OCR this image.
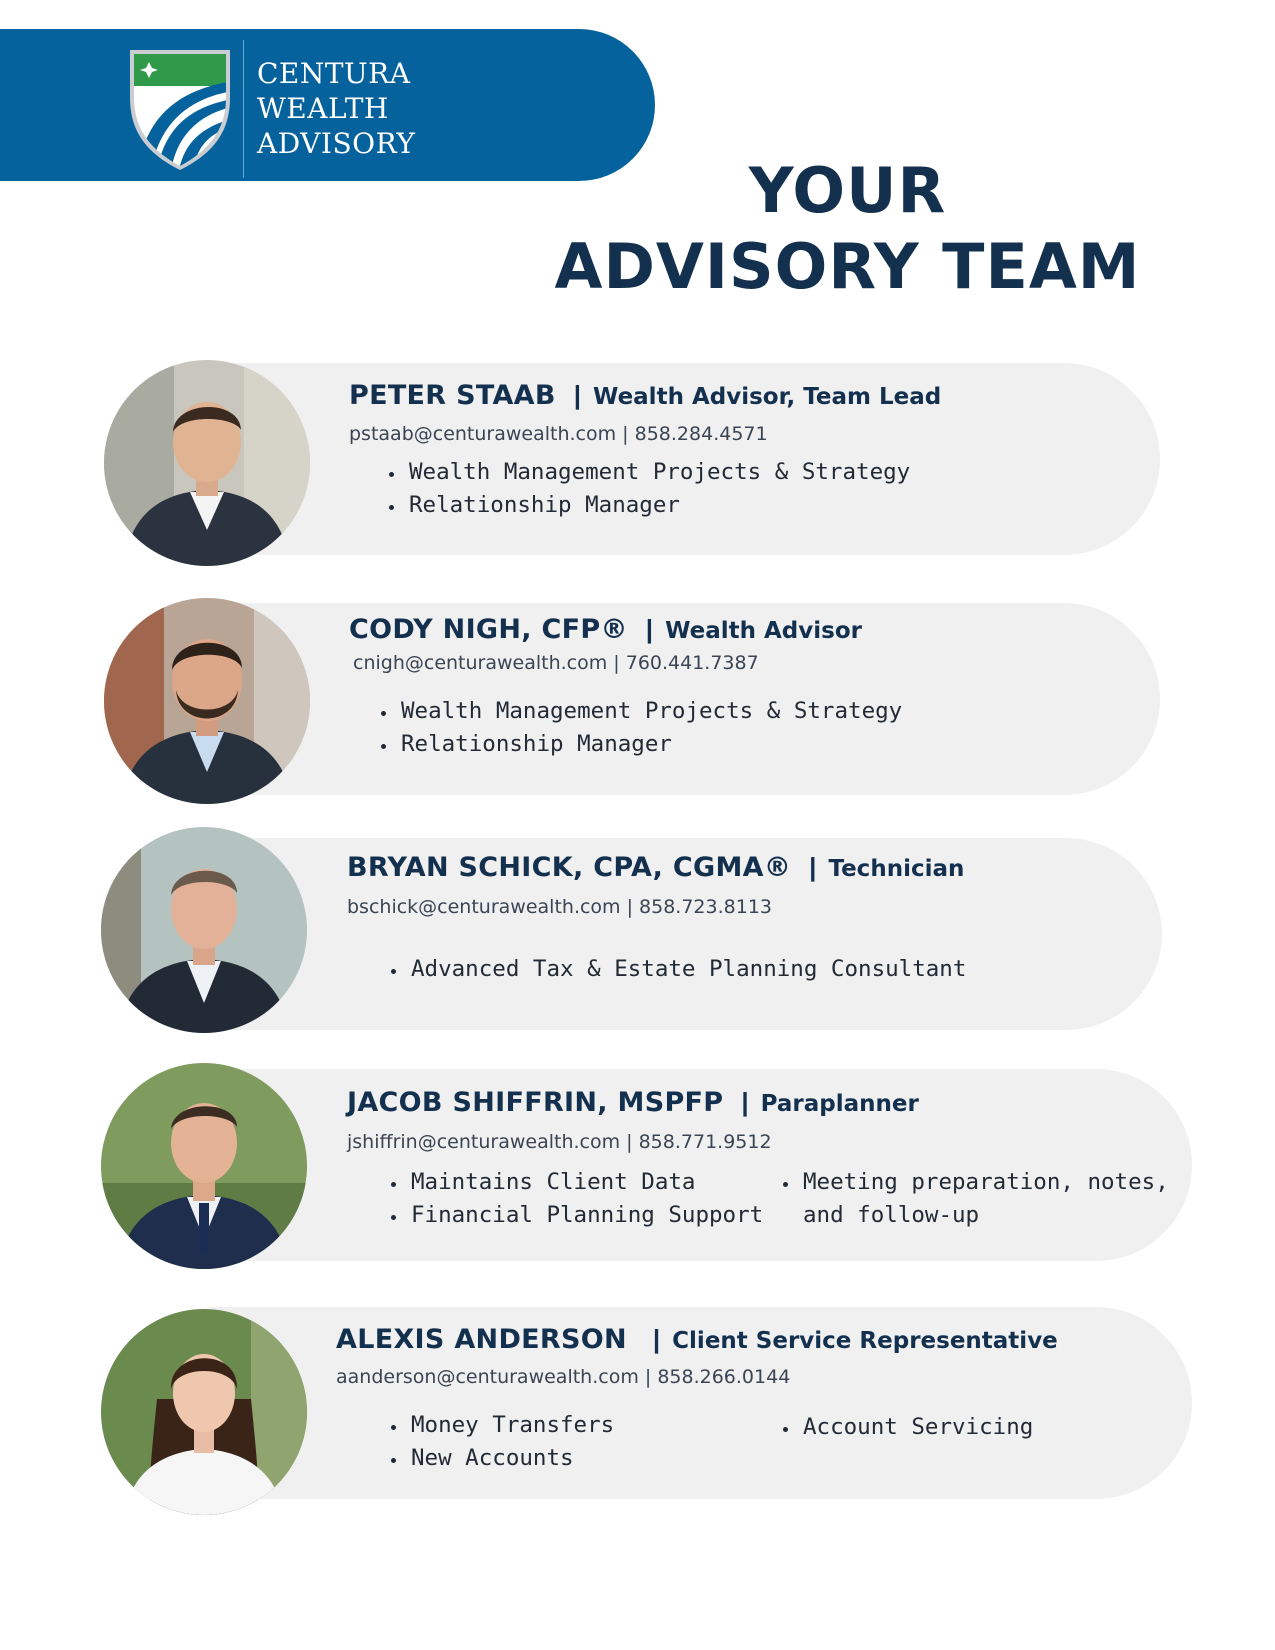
CENTURA
WEALTH
ADVISORY
YOUR
ADVISORY TEAM
PETER STAAB | Wealth Advisor, Team Lead
pstaab@centurawealth.com | 858.284.4571
• Wealth Management Projects & Strategy
• Relationship Manager
CODY NIGH, CFP® | Wealth Advisor
cnigh@centurawealth.com | 760.441.7387
• Wealth Management Projects & Strategy
• Relationship Manager
BRYAN SCHICK, CPA, CGMA® | Technician
bschick@centurawealth.com | 858.723.8113
• Advanced Tax & Estate Planning Consultant
JACOB SHIFFRIN, MSPFP | Paraplanner
jshiffrin@centurawealth.com | 858.771.9512
• Maintains Client Data
• Financial Planning Support
• Meeting preparation, notes, and follow-up
ALEXIS ANDERSON | Client Service Representative
aanderson@centurawealth.com | 858.266.0144
• Money Transfers
• New Accounts
• Account Servicing
